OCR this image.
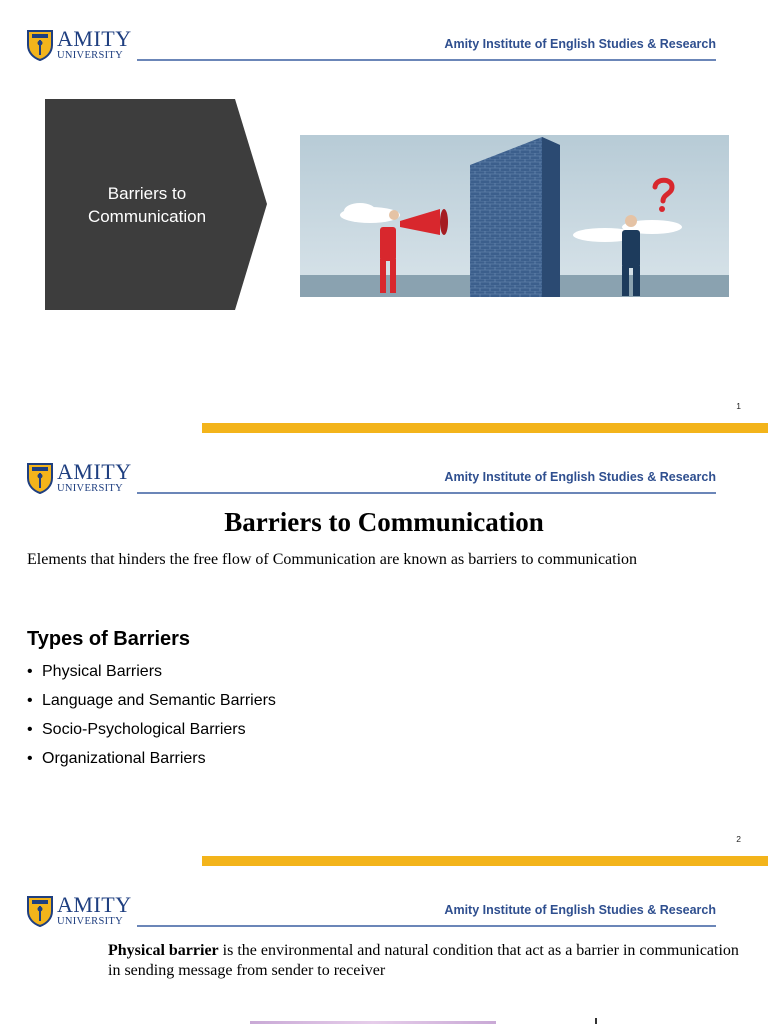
AMITY
UNIVERSITY
Amity Institute of English Studies & Research
Barriers to
Communication
1
AMITY
UNIVERSITY
Amity Institute of English Studies & Research
Barriers to Communication

Elements that hinders the free flow of Communication are known as barriers to communication

Types of Barriers
• Physical Barriers
• Language and Semantic Barriers
• Socio-Psychological Barriers
• Organizational Barriers
2
AMITY
UNIVERSITY
Amity Institute of English Studies & Research

Physical barrier is the environmental and natural condition that act as a barrier in communication in sending message from sender to receiver
